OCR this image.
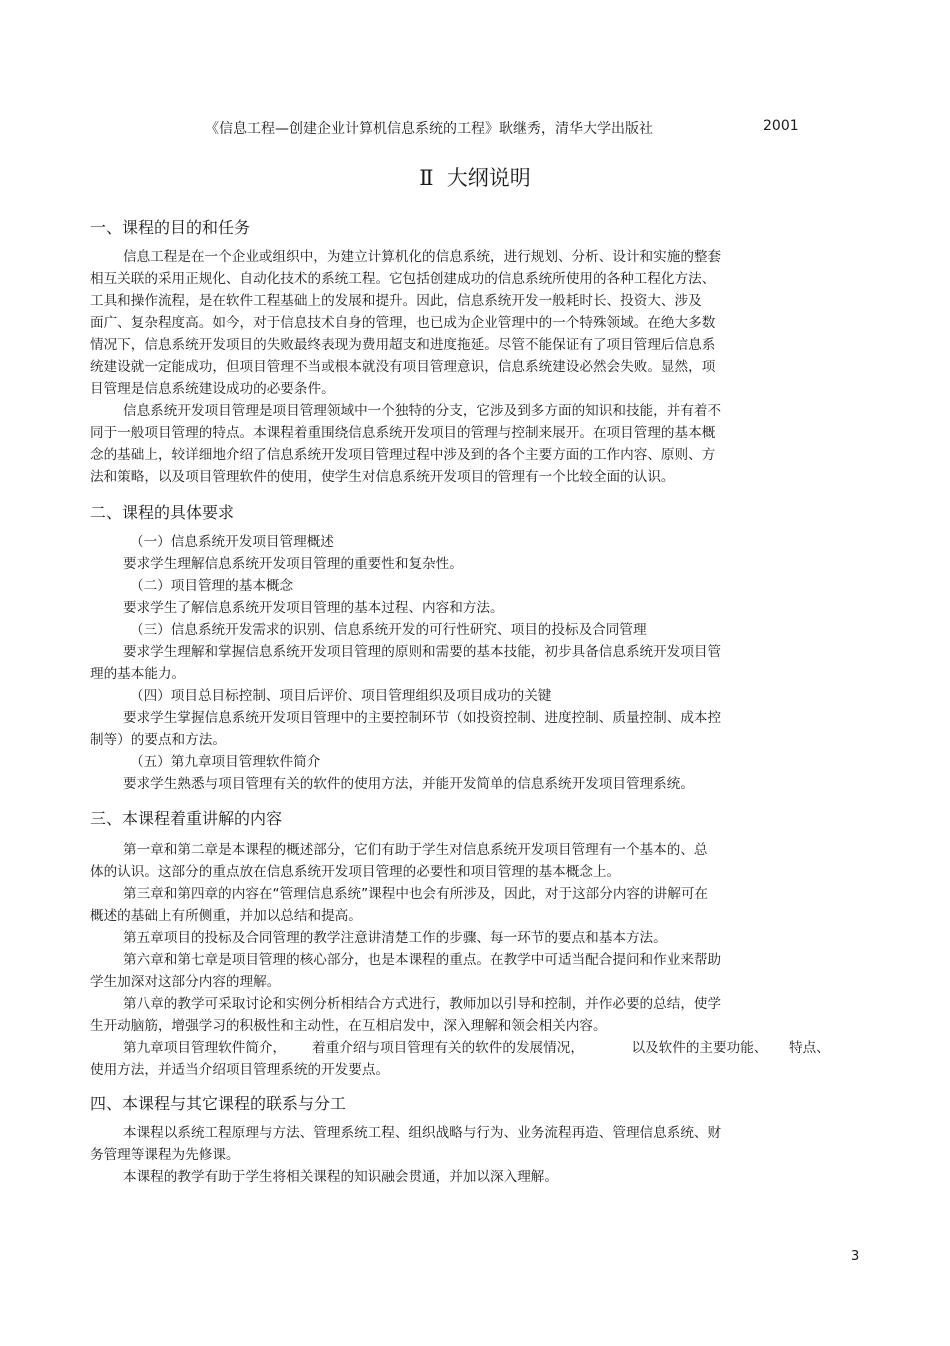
《信息工程—创建企业计算机信息系统的工程》耿继秀，清华大学出版社	2001
Ⅱ  大纲说明
一、课程的目的和任务
信息工程是在一个企业或组织中，为建立计算机化的信息系统，进行规划、分析、设计和实施的整套
相互关联的采用正规化、自动化技术的系统工程。它包括创建成功的信息系统所使用的各种工程化方法、
工具和操作流程，是在软件工程基础上的发展和提升。因此，信息系统开发一般耗时长、投资大、涉及
面广、复杂程度高。如今，对于信息技术自身的管理，也已成为企业管理中的一个特殊领域。在绝大多数
情况下，信息系统开发项目的失败最终表现为费用超支和进度拖延。尽管不能保证有了项目管理后信息系
统建设就一定能成功，但项目管理不当或根本就没有项目管理意识，信息系统建设必然会失败。显然，项
目管理是信息系统建设成功的必要条件。
信息系统开发项目管理是项目管理领域中一个独特的分支，它涉及到多方面的知识和技能，并有着不
同于一般项目管理的特点。本课程着重围绕信息系统开发项目的管理与控制来展开。在项目管理的基本概
念的基础上，较详细地介绍了信息系统开发项目管理过程中涉及到的各个主要方面的工作内容、原则、方
法和策略，以及项目管理软件的使用，使学生对信息系统开发项目的管理有一个比较全面的认识。
二、课程的具体要求
（一）信息系统开发项目管理概述
要求学生理解信息系统开发项目管理的重要性和复杂性。
（二）项目管理的基本概念
要求学生了解信息系统开发项目管理的基本过程、内容和方法。
（三）信息系统开发需求的识别、信息系统开发的可行性研究、项目的投标及合同管理
要求学生理解和掌握信息系统开发项目管理的原则和需要的基本技能，初步具备信息系统开发项目管
理的基本能力。
（四）项目总目标控制、项目后评价、项目管理组织及项目成功的关键
要求学生掌握信息系统开发项目管理中的主要控制环节（如投资控制、进度控制、质量控制、成本控
制等）的要点和方法。
（五）第九章项目管理软件简介
要求学生熟悉与项目管理有关的软件的使用方法，并能开发简单的信息系统开发项目管理系统。
三、本课程着重讲解的内容
第一章和第二章是本课程的概述部分，它们有助于学生对信息系统开发项目管理有一个基本的、总
体的认识。这部分的重点放在信息系统开发项目管理的必要性和项目管理的基本概念上。
第三章和第四章的内容在“管理信息系统”课程中也会有所涉及，因此，对于这部分内容的讲解可在
概述的基础上有所侧重，并加以总结和提高。
第五章项目的投标及合同管理的教学注意讲清楚工作的步骤、每一环节的要点和基本方法。
第六章和第七章是项目管理的核心部分，也是本课程的重点。在教学中可适当配合提问和作业来帮助
学生加深对这部分内容的理解。
第八章的教学可采取讨论和实例分析相结合方式进行，教师加以引导和控制，并作必要的总结，使学
生开动脑筋，增强学习的积极性和主动性，在互相启发中，深入理解和领会相关内容。
第九章项目管理软件简介，      着重介绍与项目管理有关的软件的发展情况，           以及软件的主要功能、     特点、
使用方法，并适当介绍项目管理系统的开发要点。
四、本课程与其它课程的联系与分工
本课程以系统工程原理与方法、管理系统工程、组织战略与行为、业务流程再造、管理信息系统、财
务管理等课程为先修课。
本课程的教学有助于学生将相关课程的知识融会贯通，并加以深入理解。
3
